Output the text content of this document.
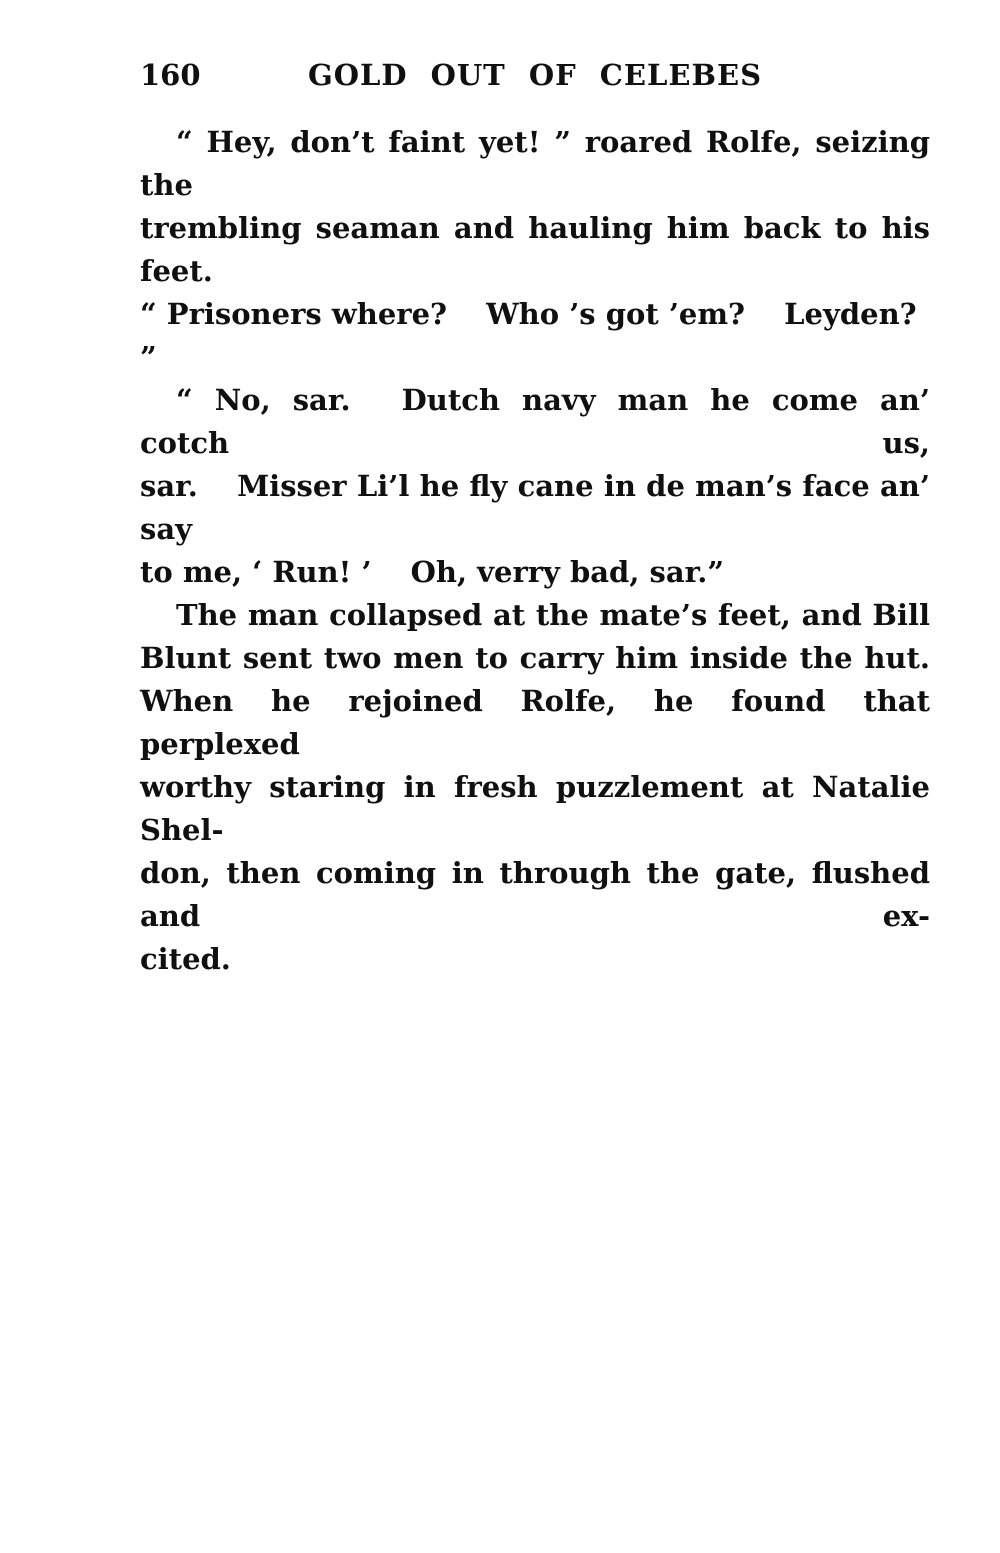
160	GOLD OUT OF CELEBES
“ Hey, don’t faint yet! ” roared Rolfe, seizing the
trembling seaman and hauling him back to his feet.
“ Prisoners where?  Who ’s got ’em?  Leyden? ”
“ No, sar.  Dutch navy man he come an’ cotch us,
sar.  Misser Li’l he fly cane in de man’s face an’ say
to me, ‘ Run! ’  Oh, verry bad, sar.”
The man collapsed at the mate’s feet, and Bill
Blunt sent two men to carry him inside the hut.
When he rejoined Rolfe, he found that perplexed
worthy staring in fresh puzzlement at Natalie Shel-
don, then coming in through the gate, flushed and ex-
cited.
